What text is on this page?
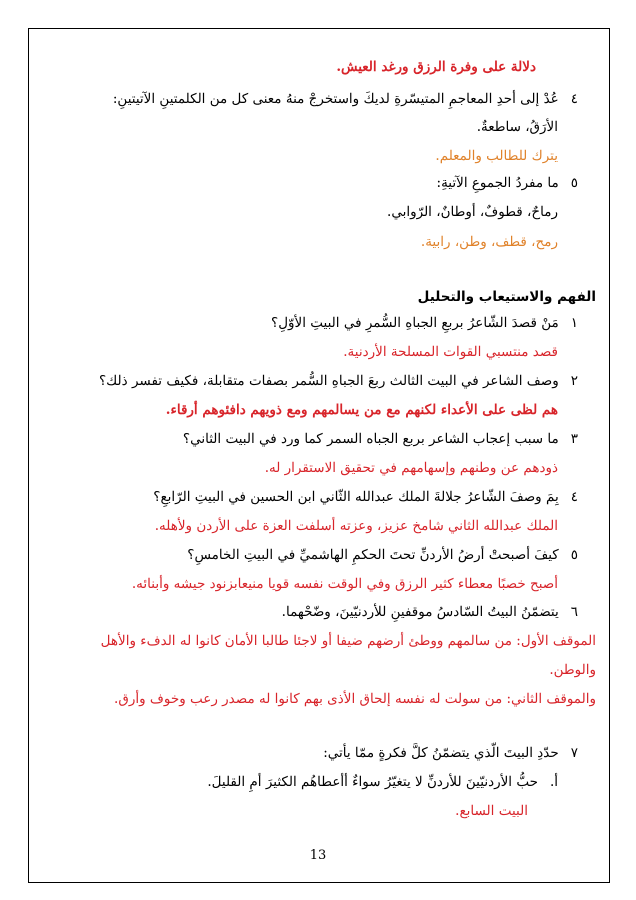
دلالة على وفرة الرزق ورغد العيش.
٤عُدْ إلى أحدِ المعاجمِ المتيسّرةِ لديكَ واستخرجْ منهُ معنى كل من الكلمتينِ الآتيتينِ:
الأرَقُ، ساطعةٌ.
يترك للطالب والمعلم.
٥ما مفردُ الجموعِ الآتيةِ:
رماحٌ، قطوفٌ، أوطانٌ، الرّوابي.
رمح، قطف، وطن، رابية.
الفهم والاستيعاب والتحليل
١مَنْ قصدَ الشّاعرُ بربعِ الجباهِ السُّمرِ في البيتِ الأوّلِ؟
قصد منتسبي القوات المسلحة الأردنية.
٢وصف الشاعر في البيت الثالث ربعَ الجباهِ السُّمر بصفات متقابلة، فكيف تفسر ذلك؟
هم لظى على الأعداء لكنهم مع من يسالمهم ومع ذويهم دافئوهم أرقاء.
٣ما سبب إعجاب الشاعر بربع الجباه السمر كما ورد في البيت الثاني؟
ذودهم عن وطنهم وإسهامهم في تحقيق الاستقرار له.
٤بِمَ وصفَ الشّاعرُ جلالةَ الملك عبدالله الثّاني ابن الحسين في البيتِ الرّابعِ؟
الملك عبدالله الثاني شامخ عزيز، وعزته أسلفت العزة على الأردن ولأهله.
٥كيفَ أصبحتْ أرضُ الأردنِّ تحتَ الحكمِ الهاشميِّ في البيتِ الخامسِ؟
أصبح خصبًا معطاء كثير الرزق وفي الوقت نفسه قويا منيعابزنود جيشه وأبنائه.
٦يتضمّنُ البيتُ السّادسُ موقفينِ للأردنيّينَ، وضّحْهما.
الموقف الأول: من سالمهم ووطئ أرضهم ضيفا أو لاجئا طالبا الأمان كانوا له الدفء والأهل
والوطن.
والموقف الثاني: من سولت له نفسه إلحاق الأذى بهم كانوا له مصدر رعب وخوف وأرق.
٧حدّدِ البيتَ الّذي يتضمّنُ كلَّ فكرةٍ ممّا يأتي:
أ.حبُّ الأردنيّينَ للأردنِّ لا يتغيّرُ سواءٌ أأعطاهُم الكثيرَ أمِ القليلَ.
البيت السابع.
13
